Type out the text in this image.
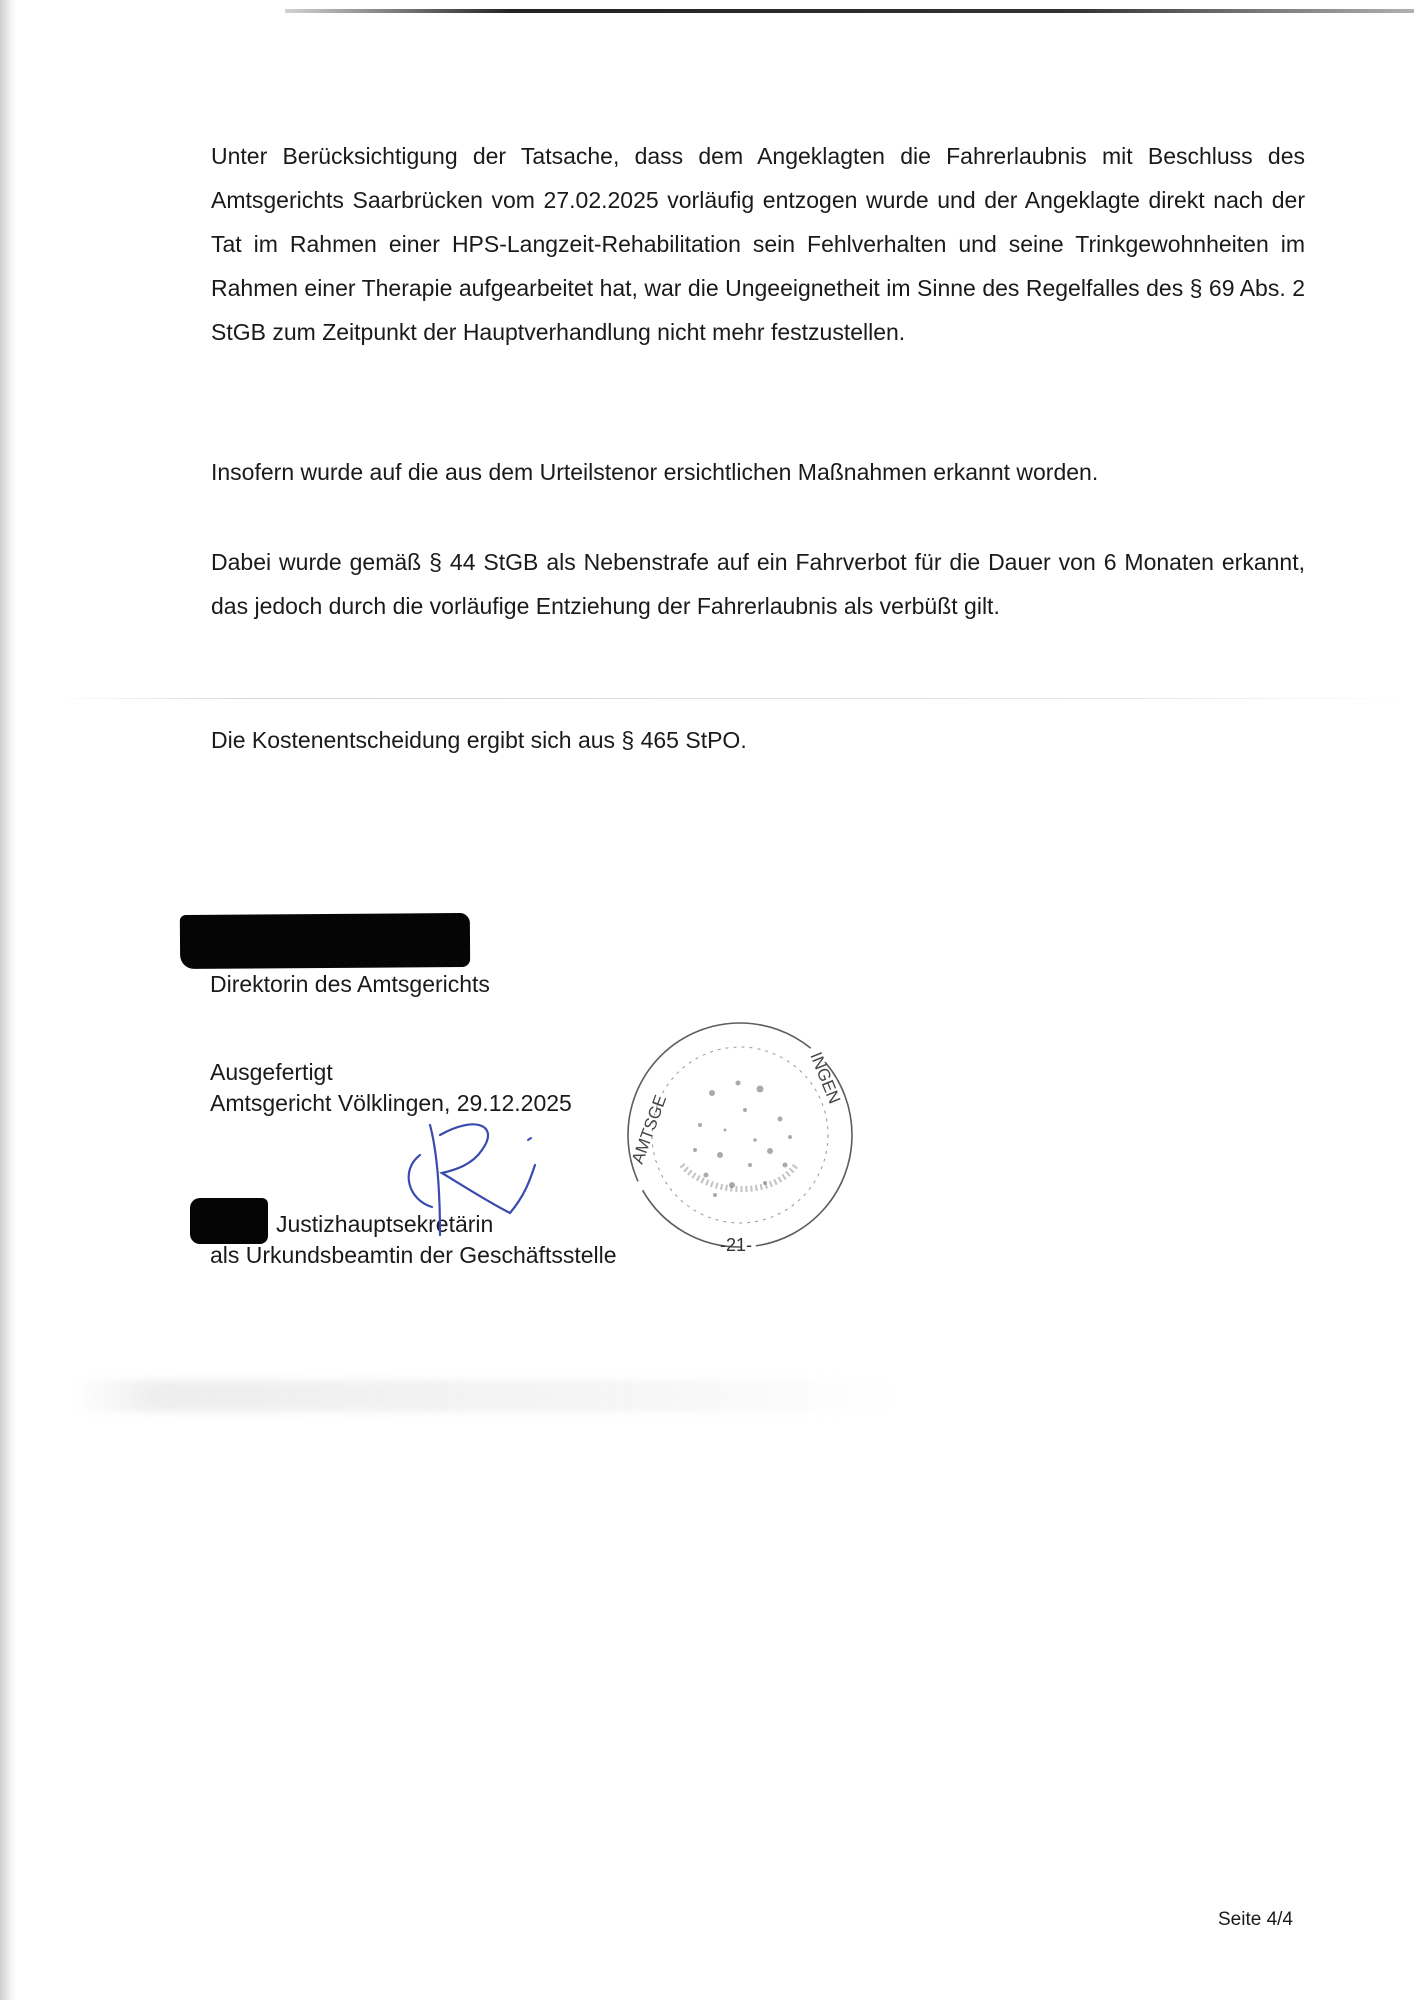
Unter Berücksichtigung der Tatsache, dass dem Angeklagten die Fahrerlaubnis mit Beschluss des Amtsgerichts Saarbrücken vom 27.02.2025 vorläufig entzogen wurde und der Angeklagte direkt nach der Tat im Rahmen einer HPS-Langzeit-Rehabilitation sein Fehlverhalten und seine Trinkgewohnheiten im Rahmen einer Therapie aufgearbeitet hat, war die Ungeeignetheit im Sinne des Regelfalles des § 69 Abs. 2 StGB zum Zeitpunkt der Hauptverhandlung nicht mehr festzustellen.

Insofern wurde auf die aus dem Urteilstenor ersichtlichen Maßnahmen erkannt worden.

Dabei wurde gemäß § 44 StGB als Nebenstrafe auf ein Fahrverbot für die Dauer von 6 Monaten erkannt, das jedoch durch die vorläufige Entziehung der Fahrerlaubnis als verbüßt gilt.

Die Kostenentscheidung ergibt sich aus § 465 StPO.

Direktorin des Amtsgerichts

Ausgefertigt

Amtsgericht Völklingen, 29.12.2025

Justizhauptsekretärin

als Urkundsbeamtin der Geschäftsstelle

AMTSGE
INGEN
-21-

Seite 4/4
